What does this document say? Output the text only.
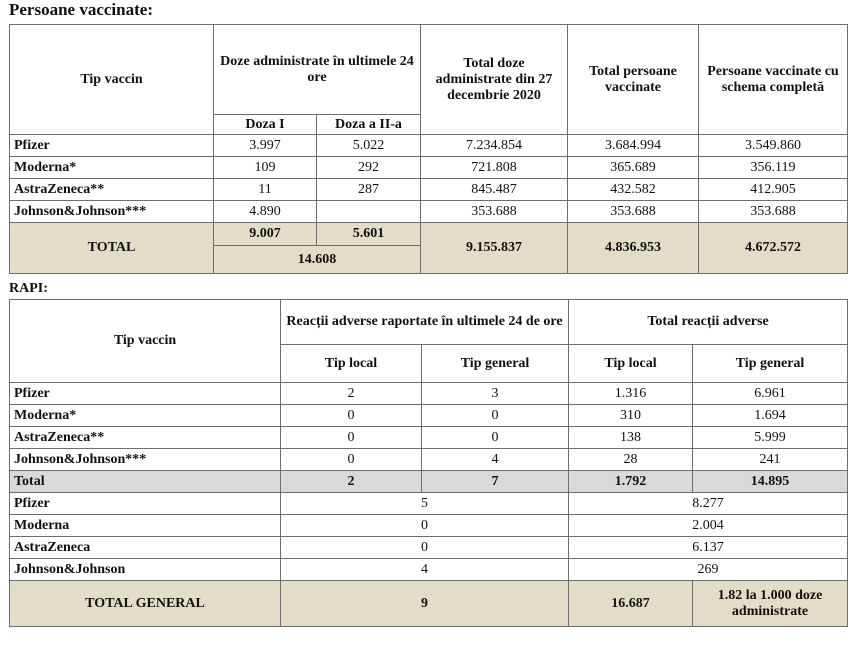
Persoane vaccinate:
Tip vaccin	Doze administrate în ultimele 24 ore		Total doze administrate din 27 decembrie 2020	Total persoane vaccinate	Persoane vaccinate cu schema completă
	Doza I	Doza a II-a			
Pfizer	3.997	5.022	7.234.854	3.684.994	3.549.860
Moderna*	109	292	721.808	365.689	356.119
AstraZeneca**	11	287	845.487	432.582	412.905
Johnson&Johnson***	4.890		353.688	353.688	353.688
TOTAL	9.007	5.601	9.155.837	4.836.953	4.672.572
	14.608				
RAPI:
Tip vaccin	Reacții adverse raportate în ultimele 24 de ore		Total reacții adverse	
	Tip local	Tip general	Tip local	Tip general
Pfizer	2	3	1.316	6.961
Moderna*	0	0	310	1.694
AstraZeneca**	0	0	138	5.999
Johnson&Johnson***	0	4	28	241
Total	2	7	1.792	14.895
Pfizer	5		8.277	
Moderna	0		2.004	
AstraZeneca	0		6.137	
Johnson&Johnson	4		269	
TOTAL GENERAL	9		16.687	1.82 la 1.000 doze administrate
